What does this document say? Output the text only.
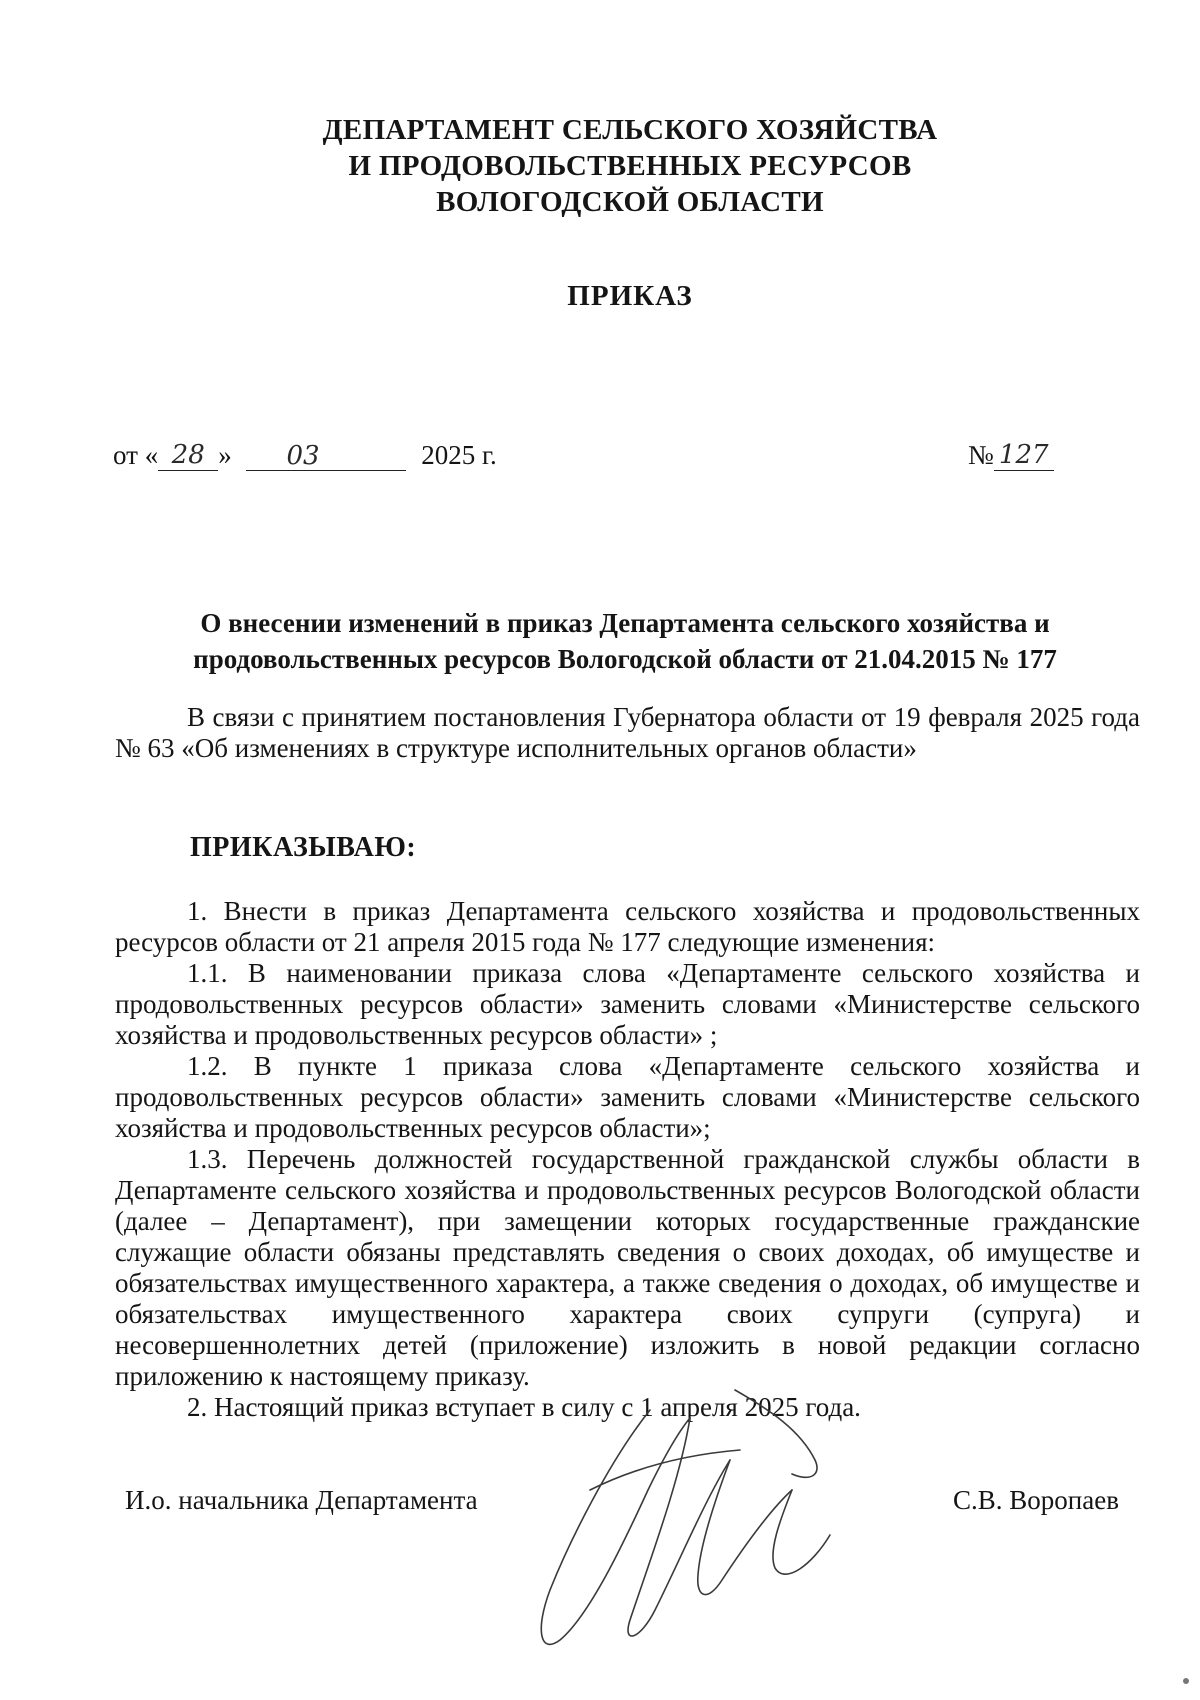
ДЕПАРТАМЕНТ СЕЛЬСКОГО ХОЗЯЙСТВА
И ПРОДОВОЛЬСТВЕННЫХ РЕСУРСОВ
ВОЛОГОДСКОЙ ОБЛАСТИ
ПРИКАЗ
от « 28 » 03	2025 г.	№ 127
О внесении изменений в приказ Департамента сельского хозяйства и
продовольственных ресурсов Вологодской области от 21.04.2015 № 177

В связи с принятием постановления Губернатора области от 19 февраля 2025 года № 63 «Об изменениях в структуре исполнительных органов области»

ПРИКАЗЫВАЮ:

1. Внести в приказ Департамента сельского хозяйства и продовольственных ресурсов области от 21 апреля 2015 года № 177 следующие изменения:

1.1. В наименовании приказа слова «Департаменте сельского хозяйства и продовольственных ресурсов области» заменить словами «Министерстве сельского хозяйства и продовольственных ресурсов области» ;

1.2. В пункте 1 приказа слова «Департаменте сельского хозяйства и продовольственных ресурсов области» заменить словами «Министерстве сельского хозяйства и продовольственных ресурсов области»;

1.3. Перечень должностей государственной гражданской службы области в Департаменте сельского хозяйства и продовольственных ресурсов Вологодской области (далее – Департамент), при замещении которых государственные гражданские служащие области обязаны представлять сведения о своих доходах, об имуществе и обязательствах имущественного характера, а также сведения о доходах, об имуществе и обязательствах имущественного характера своих супруги (супруга) и несовершеннолетних детей (приложение) изложить в новой редакции согласно приложению к настоящему приказу.

2. Настоящий приказ вступает в силу с 1 апреля 2025 года.

И.о. начальника Департамента	С.В. Воропаев
